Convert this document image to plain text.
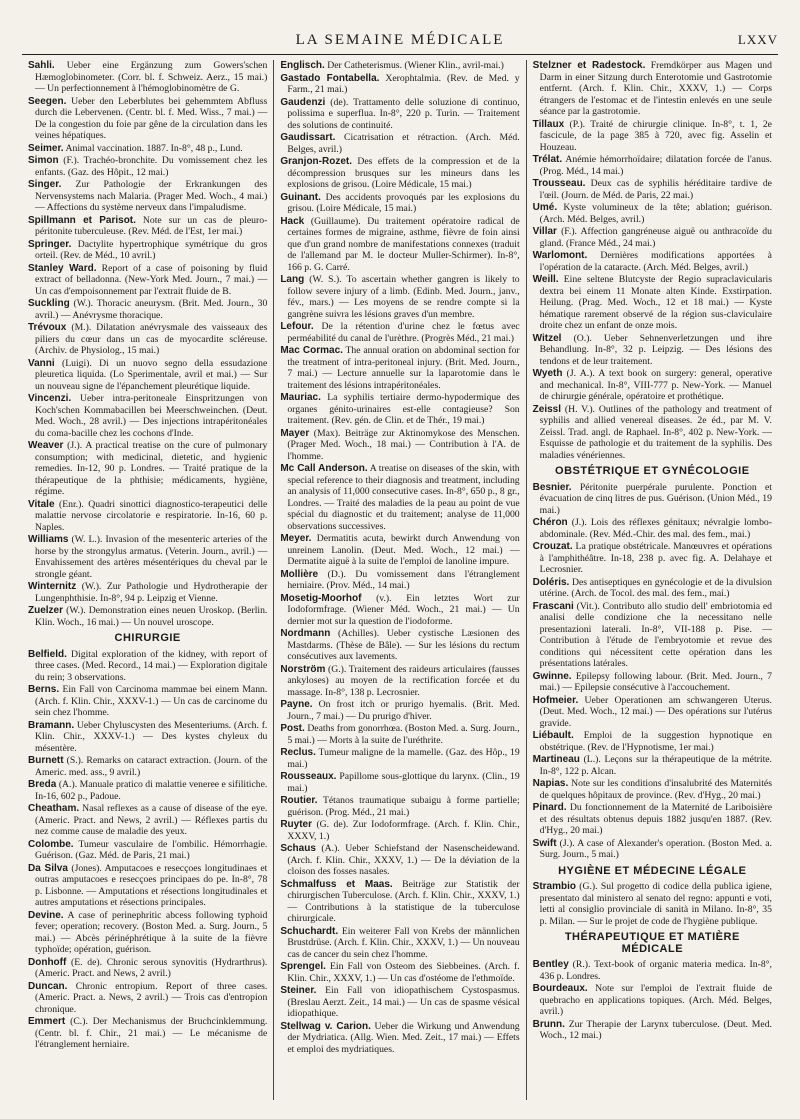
LA SEMAINE MÉDICALE	LXXV
Sahli. Ueber eine Ergänzung zum Gowers'schen Hæmoglobinometer. (Corr. bl. f. Schweiz. Aerz., 15 mai.) — Un perfectionnement à l'hémoglobinomètre de G.
Seegen. Ueber den Leberblutes bei gehemmtem Abfluss durch die Lebervenen. (Centr. bl. f. Med. Wiss., 7 mai.) — De la congestion du foie par gêne de la circulation dans les veines hépatiques.
Seimer. Animal vaccination. 1887. In-8°, 48 p., Lund.
Simon (F.). Trachéo-bronchite. Du vomissement chez les enfants. (Gaz. des Hôpit., 12 mai.)
Singer. Zur Pathologie der Erkrankungen des Nervensystems nach Malaria. (Prager Med. Woch., 4 mai.) — Affections du système nerveux dans l'impaludisme.
Spillmann et Parisot. Note sur un cas de pleuro-péritonite tuberculeuse. (Rev. Méd. de l'Est, 1er mai.)
Springer. Dactylite hypertrophique symétrique du gros orteil. (Rev. de Méd., 10 avril.)
Stanley Ward. Report of a case of poisoning by fluid extract of belladonna. (New-York Med. Journ., 7 mai.) — Un cas d'empoisonnement par l'extrait fluide de B.
Suckling (W.). Thoracic aneurysm. (Brit. Med. Journ., 30 avril.) — Anévrysme thoracique.
Trévoux (M.). Dilatation anévrysmale des vaisseaux des piliers du cœur dans un cas de myocardite scléreuse. (Archiv. de Physiolog., 15 mai.)
Vanni (Luigi). Di un nuovo segno della essudazione pleuretica liquida. (Lo Sperimentale, avril et mai.) — Sur un nouveau signe de l'épanchement pleurétique liquide.
Vincenzi. Ueber intra-peritoneale Einspritzungen von Koch'schen Kommabacillen bei Meerschweinchen. (Deut. Med. Woch., 28 avril.) — Des injections intrapéritonéales du coma-bacille chez les cochons d'Inde.
Weaver (J.). A practical treatise on the cure of pulmonary consumption; with medicinal, dietetic, and hygienic remedies. In-12, 90 p. Londres. — Traité pratique de la thérapeutique de la phthisie; médicaments, hygiène, régime.
Vitale (Enr.). Quadri sinottici diagnostico-terapeutici delle malattie nervose circolatorie e respiratorie. In-16, 60 p. Naples.
Williams (W. L.). Invasion of the mesenteric arteries of the horse by the strongylus armatus. (Veterin. Journ., avril.) — Envahissement des artères mésentériques du cheval par le strongle géant.
Winternitz (W.). Zur Pathologie und Hydrotherapie der Lungenphthisie. In-8°, 94 p. Leipzig et Vienne.
Zuelzer (W.). Demonstration eines neuen Uroskop. (Berlin. Klin. Woch., 16 mai.) — Un nouvel uroscope.
CHIRURGIE
Belfield. Digital exploration of the kidney, with report of three cases. (Med. Record., 14 mai.) — Exploration digitale du rein; 3 observations.
Berns. Ein Fall von Carcinoma mammae bei einem Mann. (Arch. f. Klin. Chir., XXXV-1.) — Un cas de carcinome du sein chez l'homme.
Bramann. Ueber Chyluscysten des Mesenteriums. (Arch. f. Klin. Chir., XXXV-1.) — Des kystes chyleux du mésentère.
Burnett (S.). Remarks on cataract extraction. (Journ. of the Americ. med. ass., 9 avril.)
Breda (A.). Manuale pratico di malattie veneree e sifilitiche. In-16, 602 p., Padoue.
Cheatham. Nasal reflexes as a cause of disease of the eye. (Americ. Pract. and News, 2 avril.) — Réflexes partis du nez comme cause de maladie des yeux.
Colombe. Tumeur vasculaire de l'ombilic. Hémorrhagie. Guérison. (Gaz. Méd. de Paris, 21 mai.)
Da Silva (Jones). Amputacoes e resecçoes longitudinaes et outras amputacoes e resecçoes principaes do pe. In-8°, 78 p. Lisbonne. — Amputations et résections longitudinales et autres amputations et résections principales.
Devine. A case of perinephritic abcess following typhoid fever; operation; recovery. (Boston Med. a. Surg. Journ., 5 mai.) — Abcès périnéphrétique à la suite de la fièvre typhoïde; opération, guérison.
Donhoff (E. de). Chronic serous synovitis (Hydrarthrus). (Americ. Pract. and News, 2 avril.)
Duncan. Chronic entropium. Report of three cases. (Americ. Pract. a. News, 2 avril.) — Trois cas d'entropion chronique.
Emmert (C.). Der Mechanismus der Bruchcinklemmung. (Centr. bl. f. Chir., 21 mai.) — Le mécanisme de l'étranglement herniaire.
Englisch. Der Catheterismus. (Wiener Klin., avril-mai.)
Gastado Fontabella. Xerophtalmia. (Rev. de Med. y Farm., 21 mai.)
Gaudenzi (de). Trattamento delle soluzione di continuo, polissima e superflua. In-8°, 220 p. Turin. — Traitement des solutions de continuité.
Gaudissart. Cicatrisation et rétraction. (Arch. Méd. Belges, avril.)
Granjon-Rozet. Des effets de la compression et de la décompression brusques sur les mineurs dans les explosions de grisou. (Loire Médicale, 15 mai.)
Guinant. Des accidents provoqués par les explosions du grisou. (Loire Médicale, 15 mai.)
Hack (Guillaume). Du traitement opératoire radical de certaines formes de migraine, asthme, fièvre de foin ainsi que d'un grand nombre de manifestations connexes (traduit de l'allemand par M. le docteur Muller-Schirmer). In-8°, 166 p. G. Carré.
Lang (W. S.). To ascertain whether gangren is likely to follow severe injury of a limb. (Edinb. Med. Journ., janv., fév., mars.) — Les moyens de se rendre compte si la gangrène suivra les lésions graves d'un membre.
Lefour. De la rétention d'urine chez le fœtus avec perméabilité du canal de l'urèthre. (Progrès Méd., 21 mai.)
Mac Cormac. The annual oration on abdominal section for the treatment of intra-peritoneal injury. (Brit. Med. Journ., 7 mai.) — Lecture annuelle sur la laparotomie dans le traitement des lésions intrapéritonéales.
Mauriac. La syphilis tertiaire dermo-hypodermique des organes génito-urinaires est-elle contagieuse? Son traitement. (Rev. gén. de Clin. et de Thér., 19 mai.)
Mayer (Max). Beiträge zur Aktinomykose des Menschen. (Prager Med. Woch., 18 mai.) — Contribution à l'A. de l'homme.
Mc Call Anderson. A treatise on diseases of the skin, with special reference to their diagnosis and treatment, including an analysis of 11,000 consecutive cases. In-8°, 650 p., 8 gr., Londres. — Traité des maladies de la peau au point de vue spécial du diagnostic et du traitement; analyse de 11,000 observations successives.
Meyer. Dermatitis acuta, bewirkt durch Anwendung von unreinem Lanolin. (Deut. Med. Woch., 12 mai.) — Dermatite aiguë à la suite de l'emploi de lanoline impure.
Mollière (D.). Du vomissement dans l'étranglement herniaire. (Prov. Méd., 14 mai.)
Mosetig-Moorhof (v.). Ein letztes Wort zur Iodoformfrage. (Wiener Méd. Woch., 21 mai.) — Un dernier mot sur la question de l'iodoforme.
Nordmann (Achilles). Ueber cystische Læsionen des Mastdarms. (Thèse de Bâle). — Sur les lésions du rectum consécutives aux lavements.
Norström (G.). Traitement des raideurs articulaires (fausses ankyloses) au moyen de la rectification forcée et du massage. In-8°, 138 p. Lecrosnier.
Payne. On frost itch or prurigo hyemalis. (Brit. Med. Journ., 7 mai.) — Du prurigo d'hiver.
Post. Deaths from gonorrhœa. (Boston Med. a. Surg. Journ., 5 mai.) — Morts à la suite de l'uréthrite.
Reclus. Tumeur maligne de la mamelle. (Gaz. des Hôp., 19 mai.)
Rousseaux. Papillome sous-glottique du larynx. (Clin., 19 mai.)
Routier. Tétanos traumatique subaigu à forme partielle; guérison. (Prog. Méd., 21 mai.)
Ruyter (G. de). Zur Iodoformfrage. (Arch. f. Klin. Chir., XXXV, 1.)
Schaus (A.). Ueber Schiefstand der Nasenscheidewand. (Arch. f. Klin. Chir., XXXV, 1.) — De la déviation de la cloison des fosses nasales.
Schmalfuss et Maas. Beiträge zur Statistik der chirurgischen Tuberculose. (Arch. f. Klin. Chir., XXXV, 1.) — Contributions à la statistique de la tuberculose chirurgicale.
Schuchardt. Ein weiterer Fall von Krebs der männlichen Brustdrüse. (Arch. f. Klin. Chir., XXXV, 1.) — Un nouveau cas de cancer du sein chez l'homme.
Sprengel. Ein Fall von Osteom des Siebbeines. (Arch. f. Klin. Chir., XXXV, 1.) — Un cas d'ostéome de l'ethmoïde.
Steiner. Ein Fall von idiopathischem Cystospasmus. (Breslau Aerzt. Zeit., 14 mai.) — Un cas de spasme vésical idiopathique.
Stellwag v. Carion. Ueber die Wirkung und Anwendung der Mydriatica. (Allg. Wien. Med. Zeit., 17 mai.) — Effets et emploi des mydriatiques.
Stelzner et Radestock. Fremdkörper aus Magen und Darm in einer Sitzung durch Enterotomie und Gastrotomie entfernt. (Arch. f. Klin. Chir., XXXV, 1.) — Corps étrangers de l'estomac et de l'intestin enlevés en une seule séance par la gastrotomie.
Tillaux (P.). Traité de chirurgie clinique. In-8°, t. 1, 2e fascicule, de la page 385 à 720, avec fig. Asselin et Houzeau.
Trélat. Anémie hémorrhoïdaire; dilatation forcée de l'anus. (Prog. Méd., 14 mai.)
Trousseau. Deux cas de syphilis héréditaire tardive de l'œil. (Journ. de Méd. de Paris, 22 mai.)
Umé. Kyste volumineux de la tête; ablation; guérison. (Arch. Méd. Belges, avril.)
Villar (F.). Affection gangréneuse aiguë ou anthracoïde du gland. (France Méd., 24 mai.)
Warlomont. Dernières modifications apportées à l'opération de la cataracte. (Arch. Méd. Belges, avril.)
Weill. Eine seltene Blutcyste der Regio supraclavicularis dextra bei einem 11 Monate alten Kinde. Exstirpation. Heilung. (Prag. Med. Woch., 12 et 18 mai.) — Kyste hématique rarement observé de la région sus-claviculaire droite chez un enfant de onze mois.
Witzel (O.). Ueber Sehnenverletzungen und ihre Behandlung. In-8°, 32 p. Leipzig. — Des lésions des tendons et de leur traitement.
Wyeth (J. A.). A text book on surgery: general, operative and mechanical. In-8°, VIII-777 p. New-York. — Manuel de chirurgie générale, opératoire et prothétique.
Zeissl (H. V.). Outlines of the pathology and treatment of syphilis and allied venereal diseases. 2e éd., par M. V. Zeissl. Trad. angl. de Raphael. In-8°, 402 p. New-York. — Esquisse de pathologie et du traitement de la syphilis. Des maladies vénériennes.
OBSTÉTRIQUE ET GYNÉCOLOGIE
Besnier. Péritonite puerpérale purulente. Ponction et évacuation de cinq litres de pus. Guérison. (Union Méd., 19 mai.)
Chéron (J.). Lois des réflexes génitaux; névralgie lombo-abdominale. (Rev. Méd.-Chir. des mal. des fem., mai.)
Crouzat. La pratique obstétricale. Manœuvres et opérations à l'amphithéâtre. In-18, 238 p. avec fig. A. Delahaye et Lecrosnier.
Doléris. Des antiseptiques en gynécologie et de la divulsion utérine. (Arch. de Tocol. des mal. des fem., mai.)
Frascani (Vit.). Contributo allo studio dell' embriotomia ed analisi delle condizione che la necessitano nelle presentazioni laterali. In-8°, VII-188 p. Pise. — Contribution à l'étude de l'embryotomie et revue des conditions qui nécessitent cette opération dans les présentations latérales.
Gwinne. Epilepsy following labour. (Brit. Med. Journ., 7 mai.) — Epilepsie consécutive à l'accouchement.
Hofmeier. Ueber Operationen am schwangeren Uterus. (Deut. Med. Woch., 12 mai.) — Des opérations sur l'utérus gravide.
Liébault. Emploi de la suggestion hypnotique en obstétrique. (Rev. de l'Hypnotisme, 1er mai.)
Martineau (L.). Leçons sur la thérapeutique de la métrite. In-8°, 122 p. Alcan.
Napias. Note sur les conditions d'insalubrité des Maternités de quelques hôpitaux de province. (Rev. d'Hyg., 20 mai.)
Pinard. Du fonctionnement de la Maternité de Lariboisière et des résultats obtenus depuis 1882 jusqu'en 1887. (Rev. d'Hyg., 20 mai.)
Swift (J.). A case of Alexander's operation. (Boston Med. a. Surg. Journ., 5 mai.)
HYGIÈNE ET MÉDECINE LÉGALE
Strambio (G.). Sul progetto di codice della publica igiene, presentato dal ministero al senato del regno: appunti e voti, letti al consiglio provinciale di sanità in Milano. In-8°, 35 p. Milan. — Sur le projet de code de l'hygiène publique.
THÉRAPEUTIQUE ET MATIÈRE MÉDICALE
Bentley (R.). Text-book of organic materia medica. In-8°, 436 p. Londres.
Bourdeaux. Note sur l'emploi de l'extrait fluide de quebracho en applications topiques. (Arch. Méd. Belges, avril.)
Brunn. Zur Therapie der Larynx tuberculose. (Deut. Med. Woch., 12 mai.)
